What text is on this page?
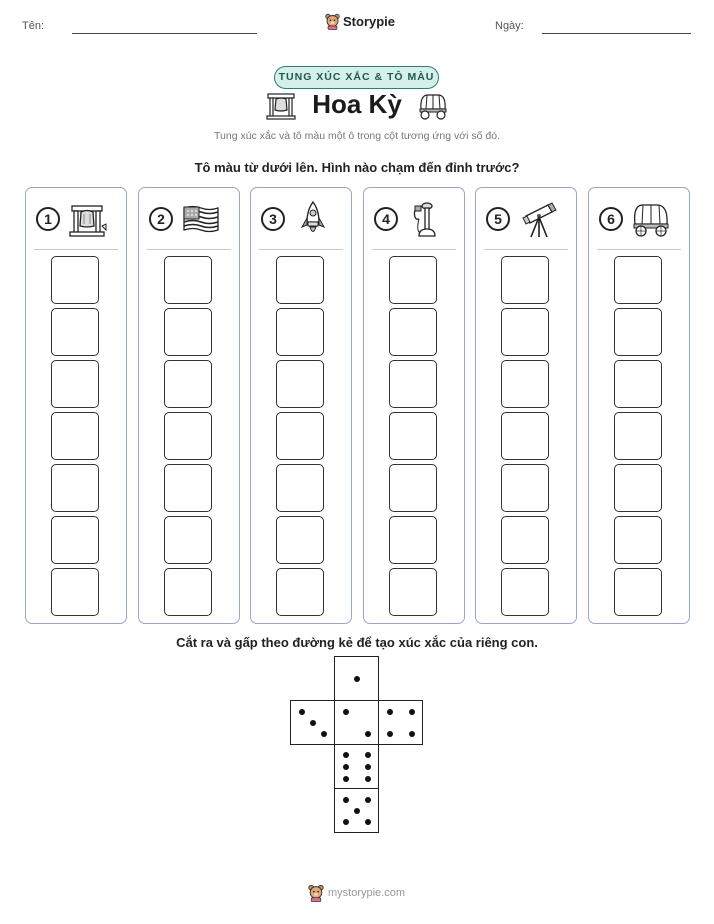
Tên:	Storypie	Ngày:
TUNG XÚC XẮC & TÔ MÀU
Hoa Kỳ
Tung xúc xắc và tô màu một ô trong cột tương ứng với số đó.
Tô màu từ dưới lên. Hình nào chạm đến đỉnh trước?
1	2	3	4	5	6
Cắt ra và gấp theo đường kẻ để tạo xúc xắc của riêng con.
mystorypie.com
